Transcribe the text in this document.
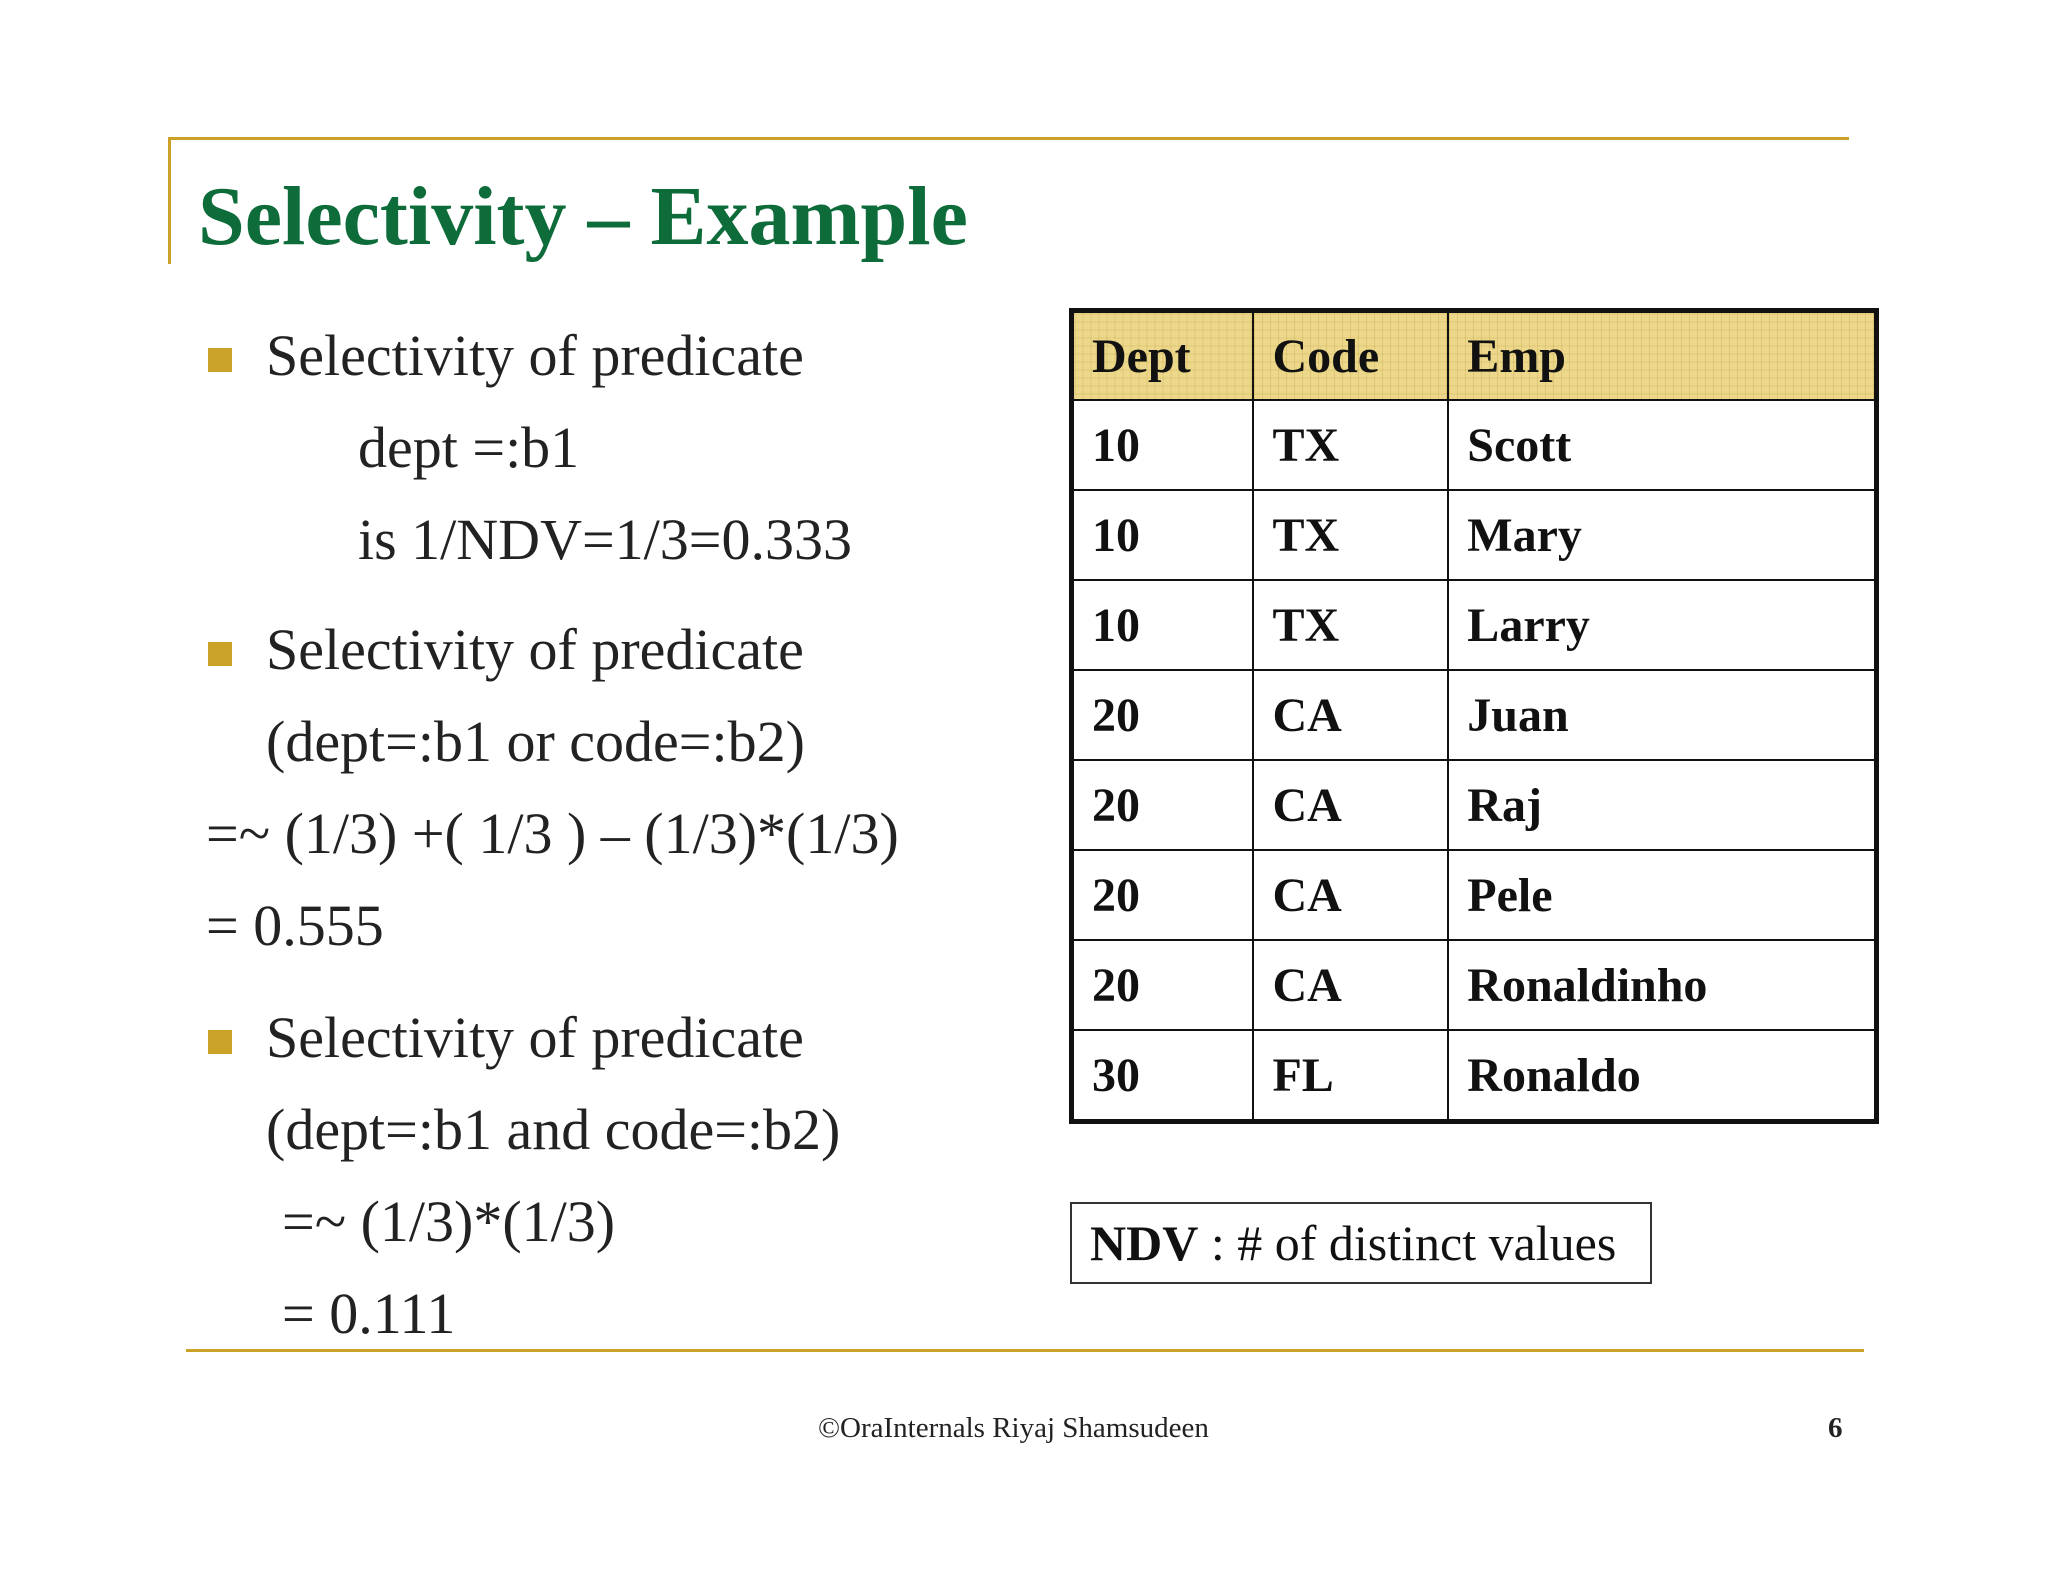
Selectivity – Example
Selectivity of predicate
dept =:b1
is 1/NDV=1/3=0.333
Selectivity of predicate
(dept=:b1 or code=:b2)
=~ (1/3) +( 1/3 ) – (1/3)*(1/3)
= 0.555
Selectivity of predicate
(dept=:b1 and code=:b2)
=~ (1/3)*(1/3)
= 0.111
Dept	Code	Emp
10	TX	Scott
10	TX	Mary
10	TX	Larry
20	CA	Juan
20	CA	Raj
20	CA	Pele
20	CA	Ronaldinho
30	FL	Ronaldo
NDV : # of distinct values
©OraInternals Riyaj Shamsudeen	6
